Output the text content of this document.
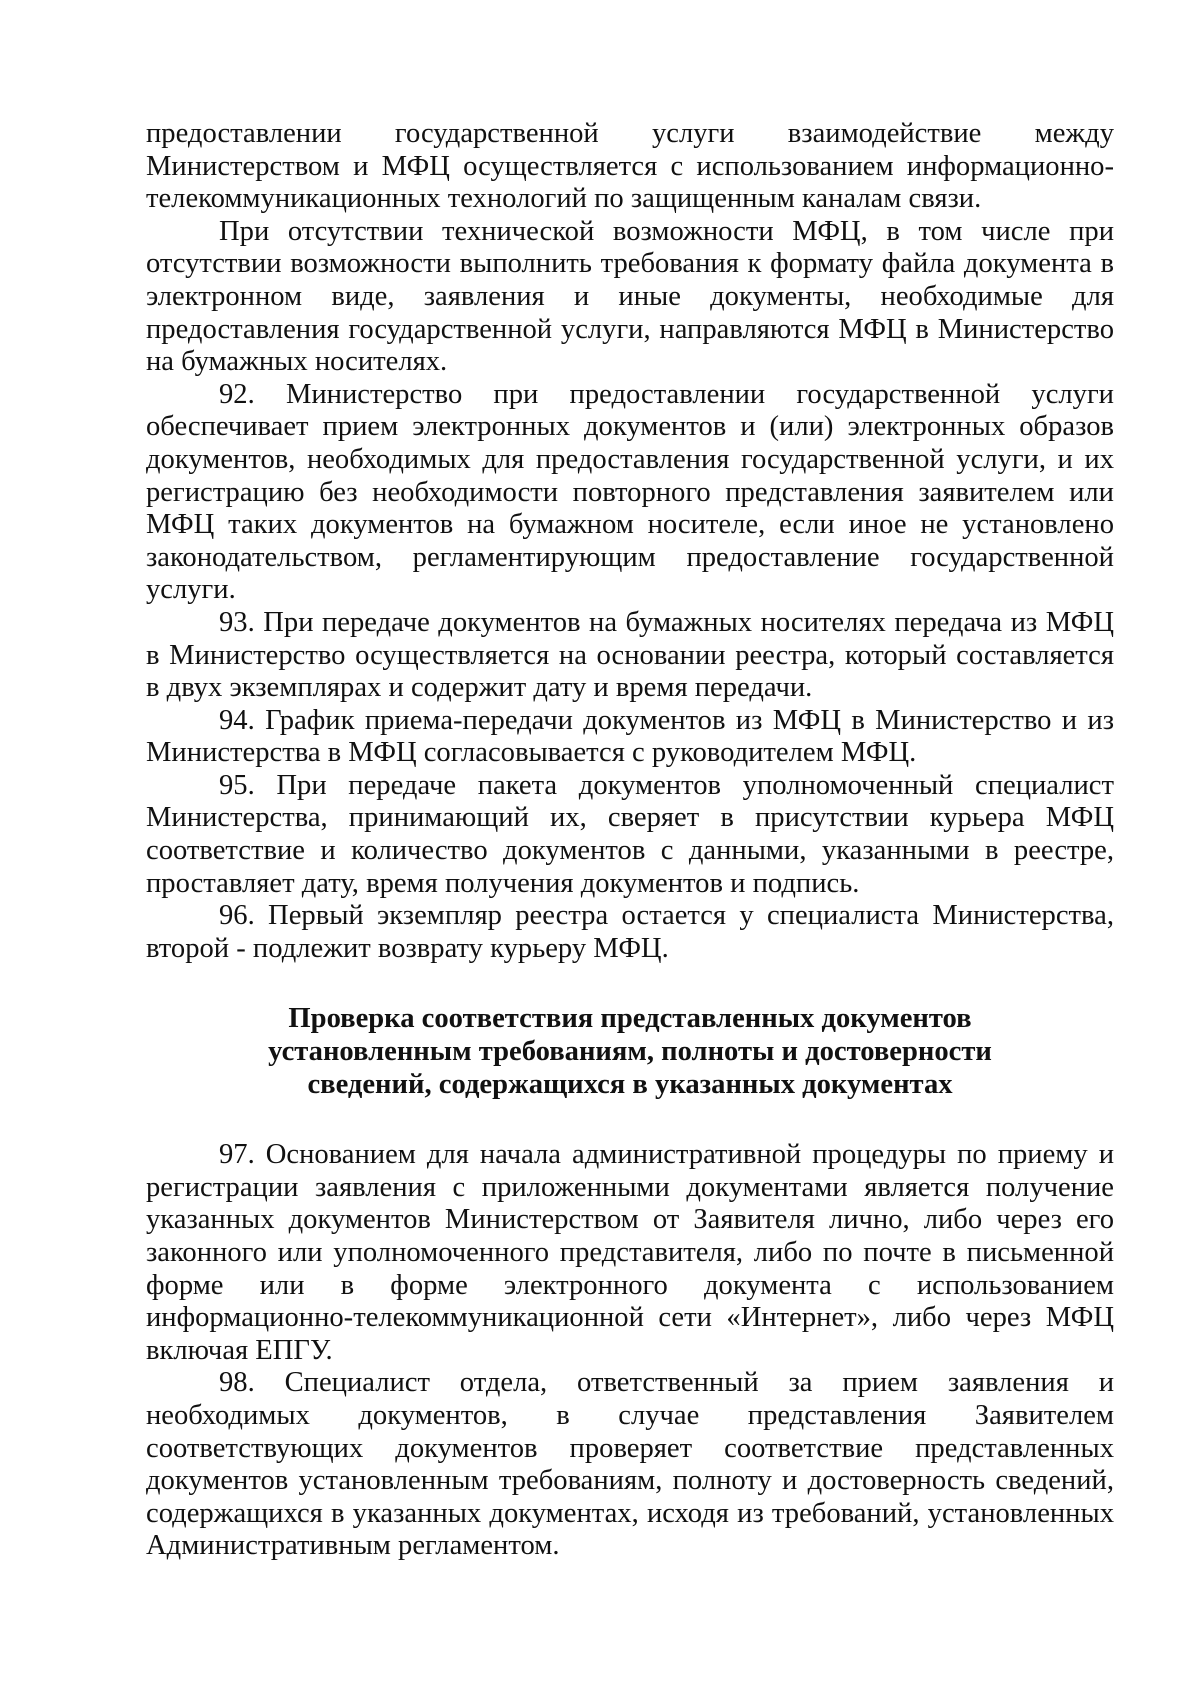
предоставлении государственной услуги взаимодействие между Министерством и МФЦ осуществляется с использованием информационно-телекоммуникационных технологий по защищенным каналам связи.

При отсутствии технической возможности МФЦ, в том числе при отсутствии возможности выполнить требования к формату файла документа в электронном виде, заявления и иные документы, необходимые для предоставления государственной услуги, направляются МФЦ в Министерство на бумажных носителях.

92. Министерство при предоставлении государственной услуги обеспечивает прием электронных документов и (или) электронных образов документов, необходимых для предоставления государственной услуги, и их регистрацию без необходимости повторного представления заявителем или МФЦ таких документов на бумажном носителе, если иное не установлено законодательством, регламентирующим предоставление государственной услуги.

93. При передаче документов на бумажных носителях передача из МФЦ в Министерство осуществляется на основании реестра, который составляется в двух экземплярах и содержит дату и время передачи.

94. График приема-передачи документов из МФЦ в Министерство и из Министерства в МФЦ согласовывается с руководителем МФЦ.

95. При передаче пакета документов уполномоченный специалист Министерства, принимающий их, сверяет в присутствии курьера МФЦ соответствие и количество документов с данными, указанными в реестре, проставляет дату, время получения документов и подпись.

96. Первый экземпляр реестра остается у специалиста Министерства, второй - подлежит возврату курьеру МФЦ.

Проверка соответствия представленных документов
установленным требованиям, полноты и достоверности
сведений, содержащихся в указанных документах

97. Основанием для начала административной процедуры по приему и регистрации заявления с приложенными документами является получение указанных документов Министерством от Заявителя лично, либо через его законного или уполномоченного представителя, либо по почте в письменной форме или в форме электронного документа с использованием информационно-телекоммуникационной сети «Интернет», либо через МФЦ включая ЕПГУ.

98. Специалист отдела, ответственный за прием заявления и необходимых документов, в случае представления Заявителем соответствующих документов проверяет соответствие представленных документов установленным требованиям, полноту и достоверность сведений, содержащихся в указанных документах, исходя из требований, установленных Административным регламентом.
